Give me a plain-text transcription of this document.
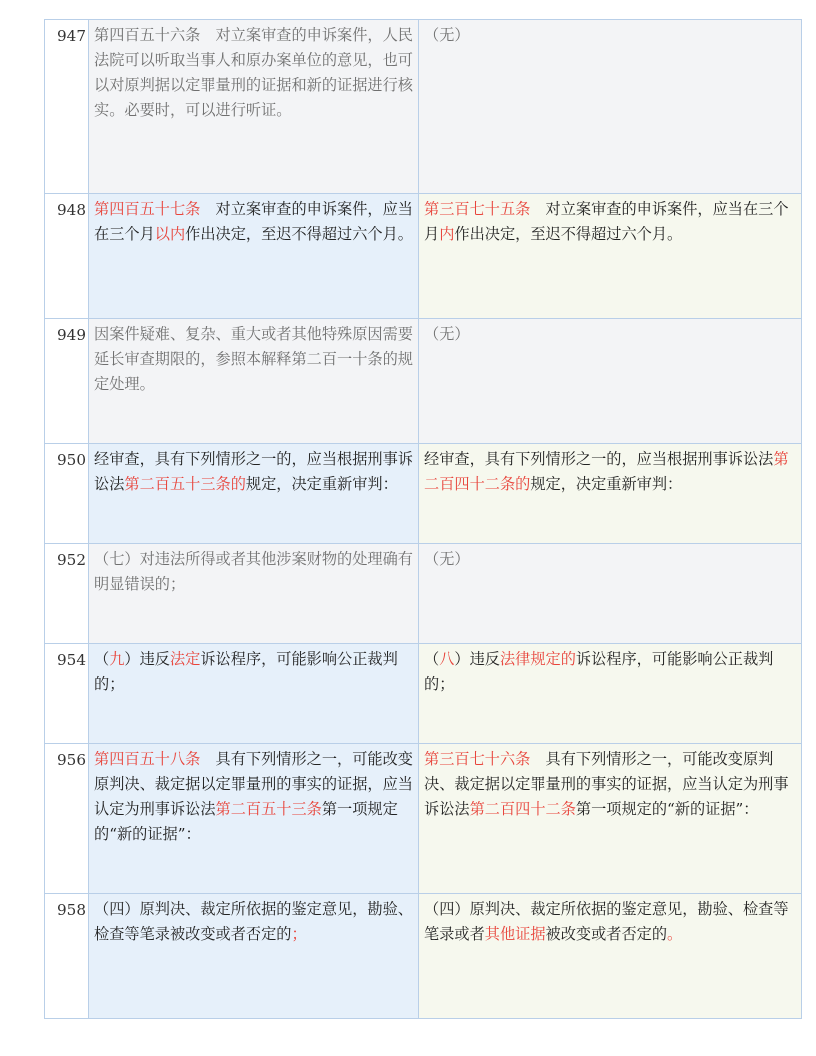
947	第四百五十六条　对立案审查的申诉案件，人民法院可以听取当事人和原办案单位的意见，也可以对原判据以定罪量刑的证据和新的证据进行核实。必要时，可以进行听证。	（无）
948	第四百五十七条　对立案审查的申诉案件，应当在三个月以内作出决定，至迟不得超过六个月。	第三百七十五条　对立案审查的申诉案件，应当在三个月内作出决定，至迟不得超过六个月。
949	因案件疑难、复杂、重大或者其他特殊原因需要延长审查期限的，参照本解释第二百一十条的规定处理。	（无）
950	经审查，具有下列情形之一的，应当根据刑事诉讼法第二百五十三条的规定，决定重新审判：	经审查，具有下列情形之一的，应当根据刑事诉讼法第二百四十二条的规定，决定重新审判：
952	（七）对违法所得或者其他涉案财物的处理确有明显错误的；	（无）
954	（九）违反法定诉讼程序，可能影响公正裁判的；	（八）违反法律规定的诉讼程序，可能影响公正裁判的；
956	第四百五十八条　具有下列情形之一，可能改变原判决、裁定据以定罪量刑的事实的证据，应当认定为刑事诉讼法第二百五十三条第一项规定的“新的证据”：	第三百七十六条　具有下列情形之一，可能改变原判决、裁定据以定罪量刑的事实的证据，应当认定为刑事诉讼法第二百四十二条第一项规定的“新的证据”：
958	（四）原判决、裁定所依据的鉴定意见，勘验、检查等笔录被改变或者否定的；	（四）原判决、裁定所依据的鉴定意见，勘验、检查等笔录或者其他证据被改变或者否定的。
